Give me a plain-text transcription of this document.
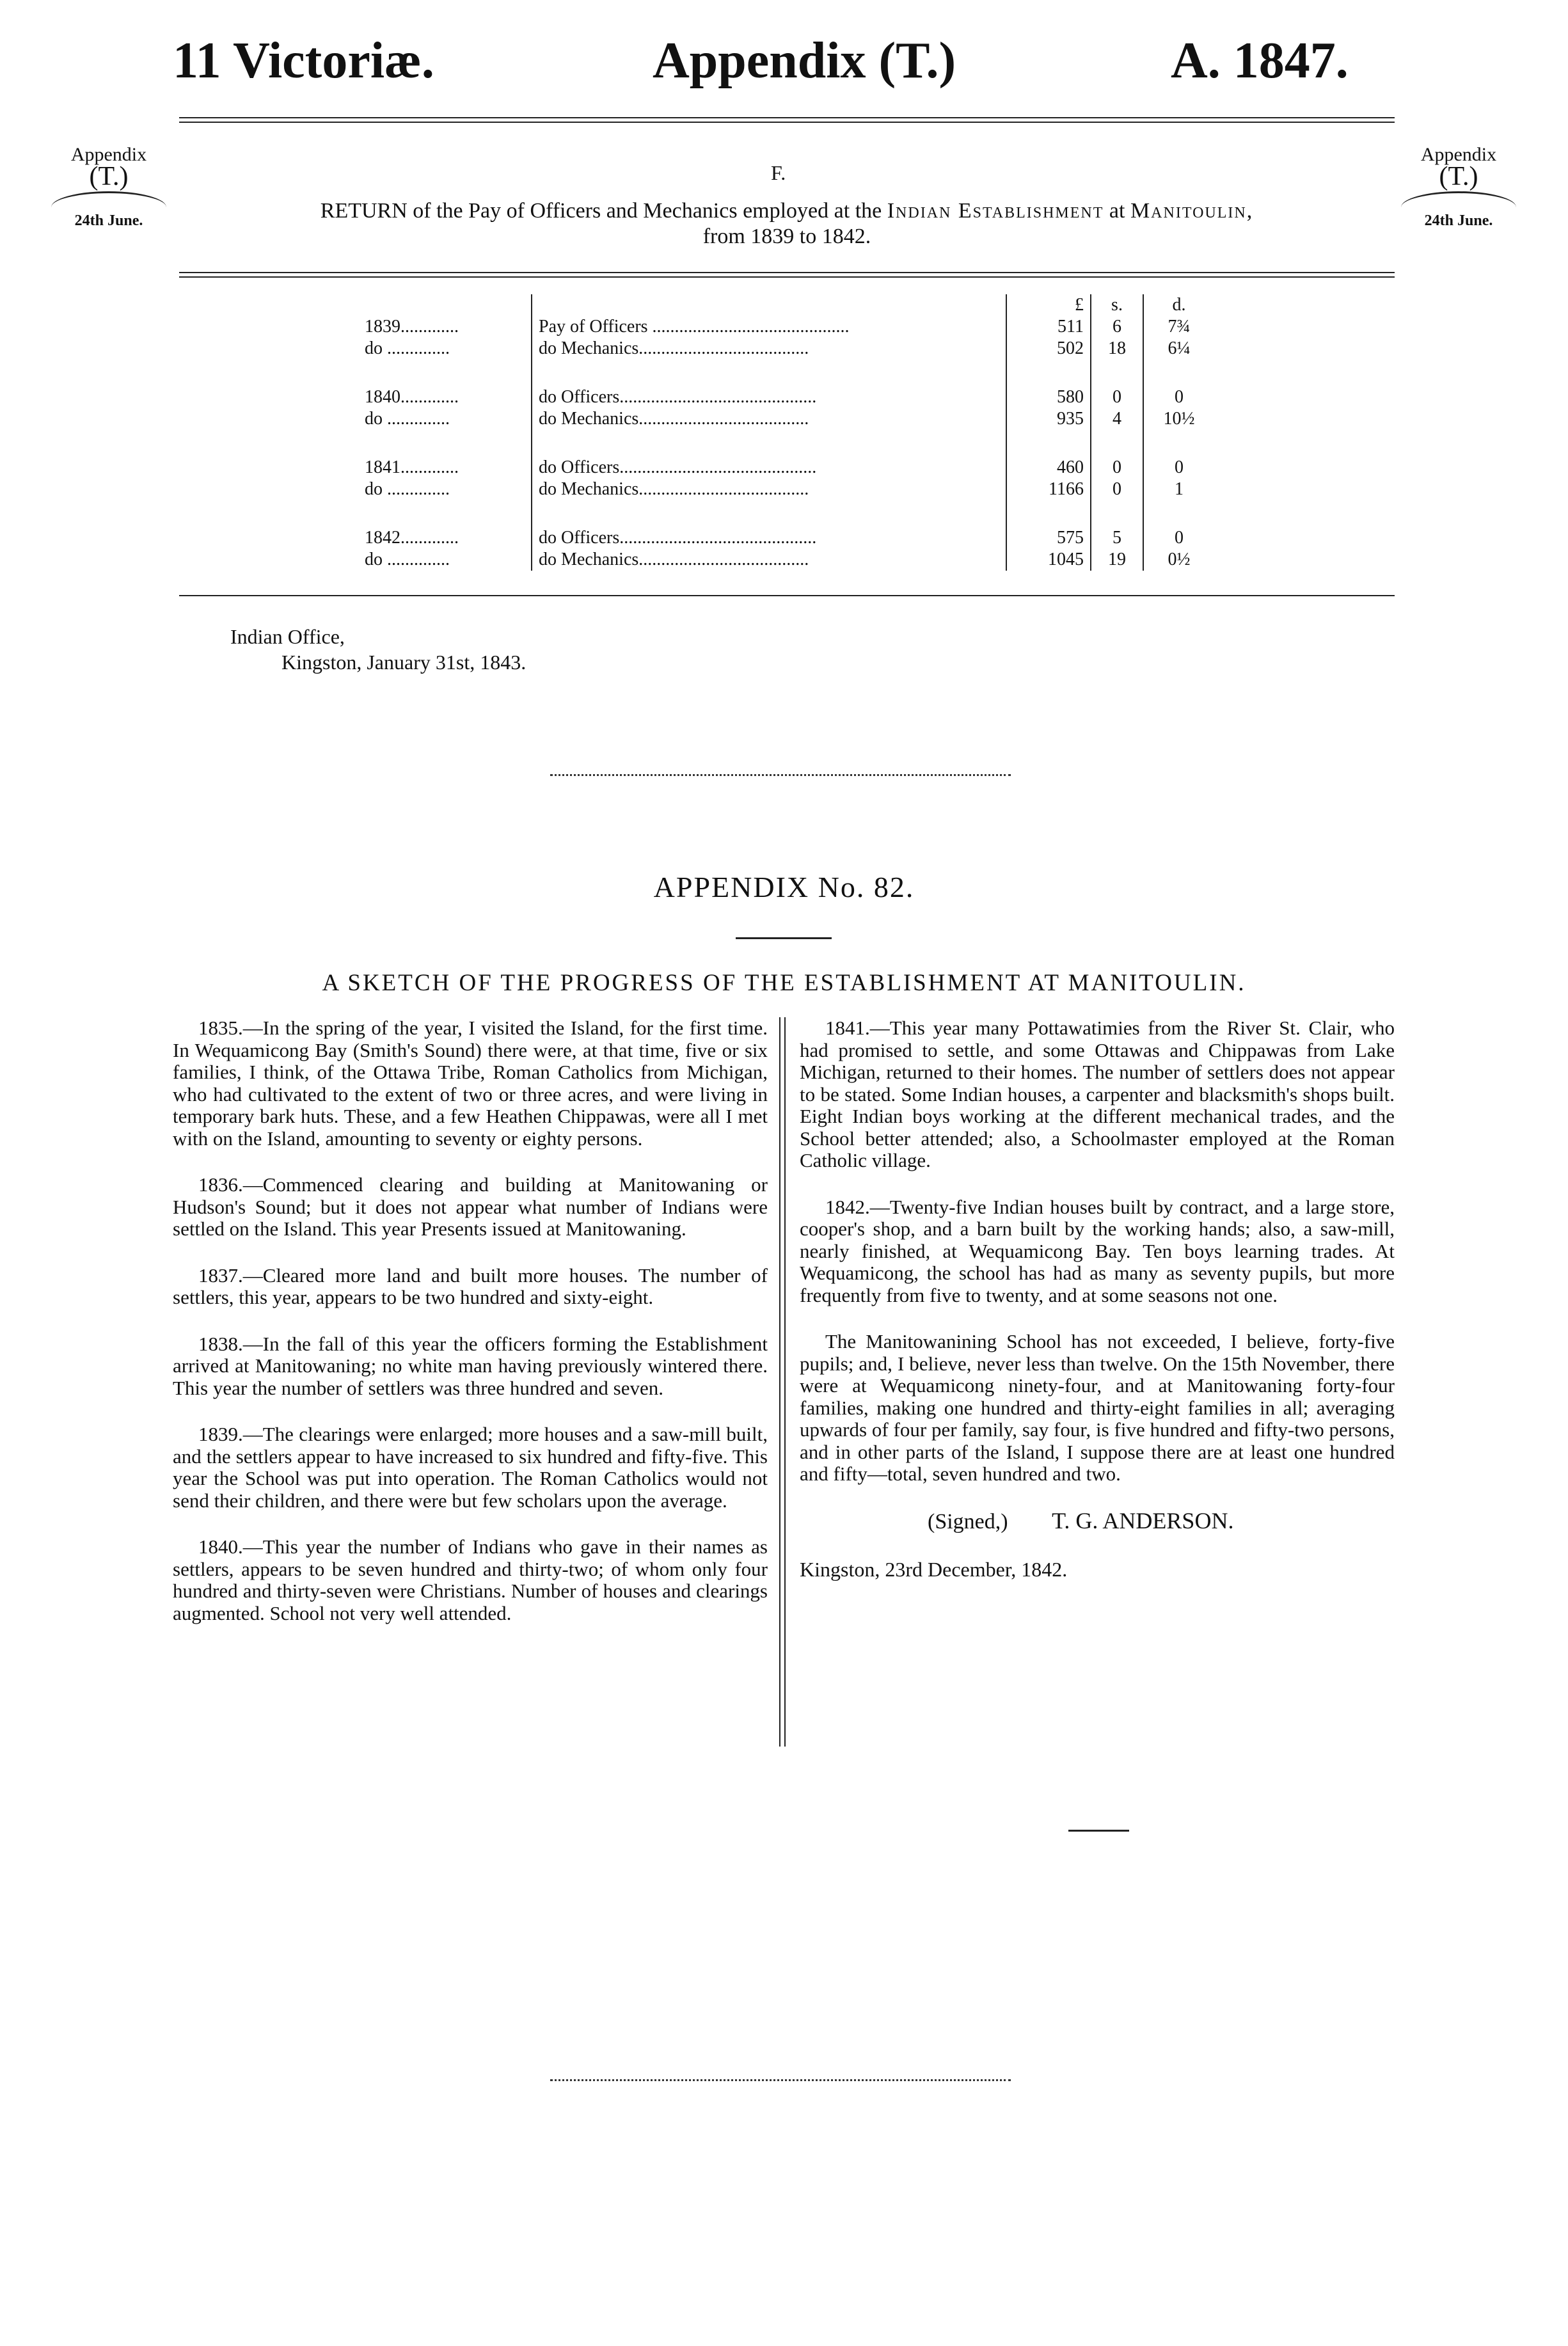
11 Victoriæ.	Appendix (T.)	A. 1847.
Appendix
(T.)
24th June.
Appendix
(T.)
24th June.
F.
RETURN of the Pay of Officers and Mechanics employed at the Indian Establishment at Manitoulin,
from 1839 to 1842.
		£	s.	d.
1839.............	Pay of Officers ............................................	511	6	7¾
do ..............	do Mechanics......................................	502	18	6¼

1840.............	do Officers............................................	580	0	0
do ..............	do Mechanics......................................	935	4	10½

1841.............	do Officers............................................	460	0	0
do ..............	do Mechanics......................................	1166	0	1

1842.............	do Officers............................................	575	5	0
do ..............	do Mechanics......................................	1045	19	0½
Indian Office,
Kingston, January 31st, 1843.
APPENDIX No. 82.
A SKETCH OF THE PROGRESS OF THE ESTABLISHMENT AT MANITOULIN.

1835.—In the spring of the year, I visited the Island, for the first time. In Wequamicong Bay (Smith's Sound) there were, at that time, five or six families, I think, of the Ottawa Tribe, Roman Catholics from Michigan, who had cultivated to the extent of two or three acres, and were living in temporary bark huts. These, and a few Heathen Chippawas, were all I met with on the Island, amounting to seventy or eighty persons.

1836.—Commenced clearing and building at Manitowaning or Hudson's Sound; but it does not appear what number of Indians were settled on the Island. This year Presents issued at Manitowaning.

1837.—Cleared more land and built more houses. The number of settlers, this year, appears to be two hundred and sixty-eight.

1838.—In the fall of this year the officers forming the Establishment arrived at Manitowaning; no white man having previously wintered there. This year the number of settlers was three hundred and seven.

1839.—The clearings were enlarged; more houses and a saw-mill built, and the settlers appear to have increased to six hundred and fifty-five. This year the School was put into operation. The Roman Catholics would not send their children, and there were but few scholars upon the average.

1840.—This year the number of Indians who gave in their names as settlers, appears to be seven hundred and thirty-two; of whom only four hundred and thirty-seven were Christians. Number of houses and clearings augmented. School not very well attended.

1841.—This year many Pottawatimies from the River St. Clair, who had promised to settle, and some Ottawas and Chippawas from Lake Michigan, returned to their homes. The number of settlers does not appear to be stated. Some Indian houses, a carpenter and blacksmith's shops built. Eight Indian boys working at the different mechanical trades, and the School better attended; also, a Schoolmaster employed at the Roman Catholic village.

1842.—Twenty-five Indian houses built by contract, and a large store, cooper's shop, and a barn built by the working hands; also, a saw-mill, nearly finished, at Wequamicong Bay. Ten boys learning trades. At Wequamicong, the school has had as many as seventy pupils, but more frequently from five to twenty, and at some seasons not one.

The Manitowanining School has not exceeded, I believe, forty-five pupils; and, I believe, never less than twelve. On the 15th November, there were at Wequamicong ninety-four, and at Manitowaning forty-four families, making one hundred and thirty-eight families in all; averaging upwards of four per family, say four, is five hundred and fifty-two persons, and in other parts of the Island, I suppose there are at least one hundred and fifty—total, seven hundred and two.

(Signed,) T. G. ANDERSON.
Kingston, 23rd December, 1842.
